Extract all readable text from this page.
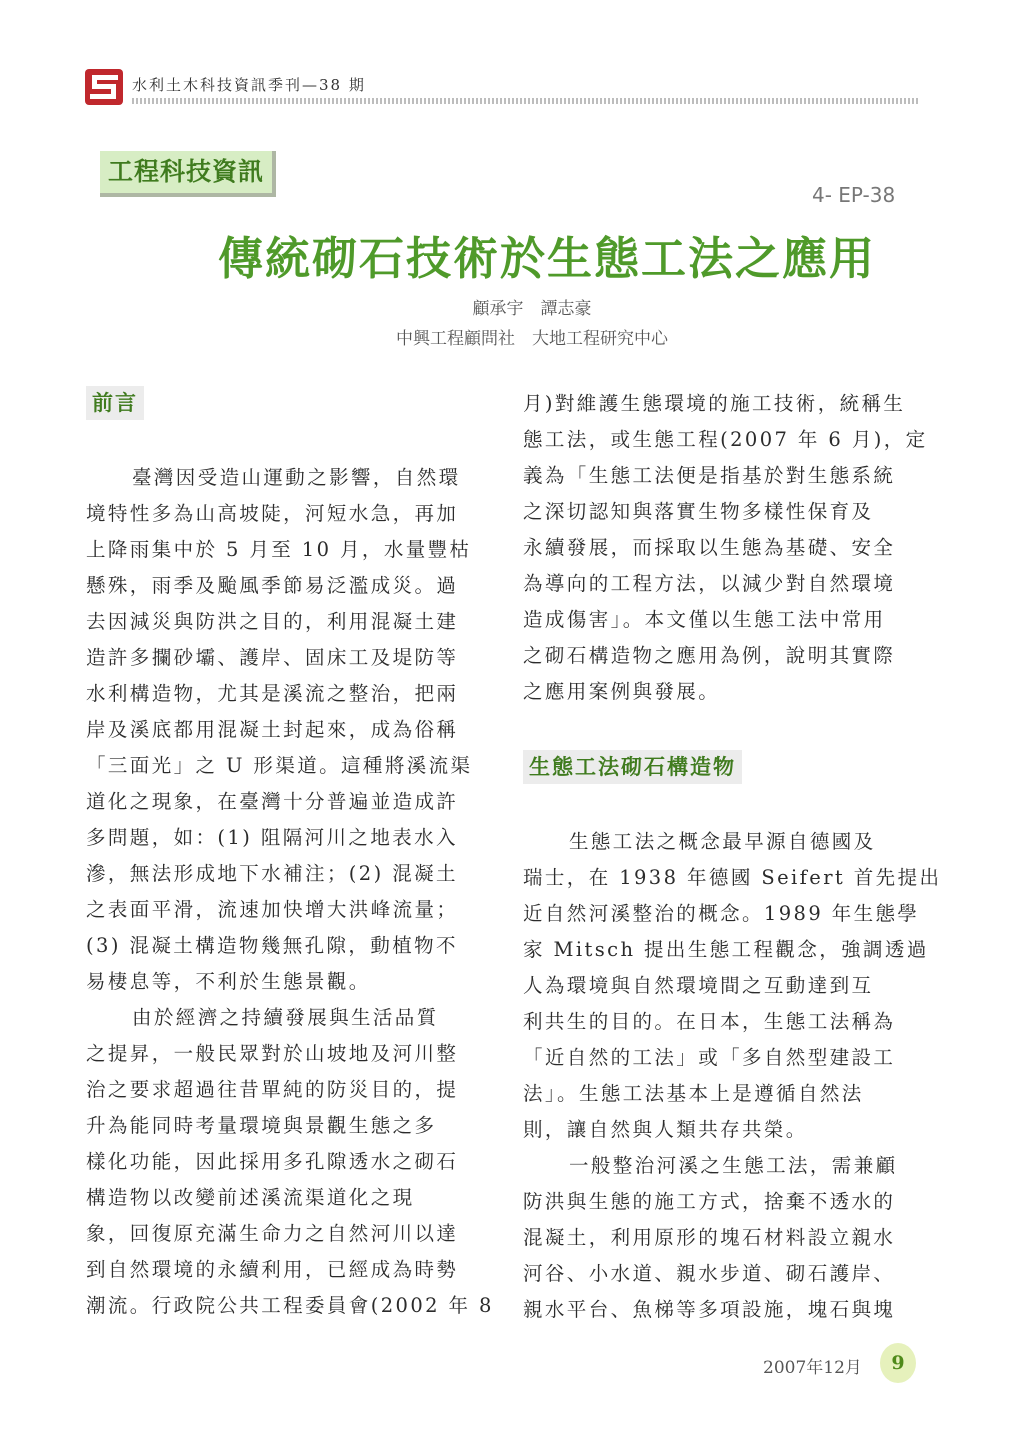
水利土木科技資訊季刊—38 期
工程科技資訊
4- EP-38
傳統砌石技術於生態工法之應用
顧承宇　譚志豪
中興工程顧問社　大地工程研究中心
前言
臺灣因受造山運動之影響，自然環
境特性多為山高坡陡，河短水急，再加
上降雨集中於 5 月至 10 月，水量豐枯
懸殊，雨季及颱風季節易泛濫成災。過
去因減災與防洪之目的，利用混凝土建
造許多攔砂壩、護岸、固床工及堤防等
水利構造物，尤其是溪流之整治，把兩
岸及溪底都用混凝土封起來，成為俗稱
「三面光」之 U 形渠道。這種將溪流渠
道化之現象，在臺灣十分普遍並造成許
多問題，如：(1) 阻隔河川之地表水入
滲，無法形成地下水補注；(2) 混凝土
之表面平滑，流速加快增大洪峰流量；
(3) 混凝土構造物幾無孔隙，動植物不
易棲息等，不利於生態景觀。
由於經濟之持續發展與生活品質
之提昇，一般民眾對於山坡地及河川整
治之要求超過往昔單純的防災目的，提
升為能同時考量環境與景觀生態之多
樣化功能，因此採用多孔隙透水之砌石
構造物以改變前述溪流渠道化之現
象，回復原充滿生命力之自然河川以達
到自然環境的永續利用，已經成為時勢
潮流。行政院公共工程委員會(2002 年 8
月)對維護生態環境的施工技術，統稱生
態工法，或生態工程(2007 年 6 月)，定
義為「生態工法便是指基於對生態系統
之深切認知與落實生物多樣性保育及
永續發展，而採取以生態為基礎、安全
為導向的工程方法，以減少對自然環境
造成傷害」。本文僅以生態工法中常用
之砌石構造物之應用為例，說明其實際
之應用案例與發展。
生態工法砌石構造物
生態工法之概念最早源自德國及
瑞士，在 1938 年德國 Seifert 首先提出
近自然河溪整治的概念。1989 年生態學
家 Mitsch 提出生態工程觀念，強調透過
人為環境與自然環境間之互動達到互
利共生的目的。在日本，生態工法稱為
「近自然的工法」或「多自然型建設工
法」。生態工法基本上是遵循自然法
則，讓自然與人類共存共榮。
一般整治河溪之生態工法，需兼顧
防洪與生態的施工方式，捨棄不透水的
混凝土，利用原形的塊石材料設立親水
河谷、小水道、親水步道、砌石護岸、
親水平台、魚梯等多項設施，塊石與塊
2007年12月	9
